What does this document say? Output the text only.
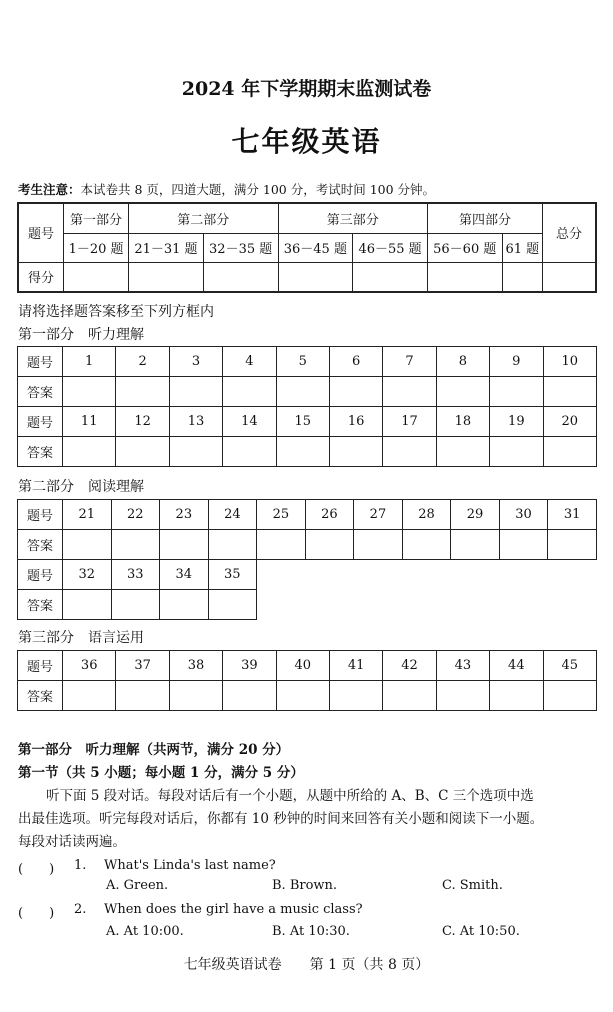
2024 年下学期期末监测试卷
七年级英语
考生注意：本试卷共 8 页，四道大题，满分 100 分，考试时间 100 分钟。
题号	第一部分	第二部分		第三部分		第四部分		总分
	1－20 题	21－31 题	32－35 题	36－45 题	46－55 题	56－60 题	61 题	
得分								
请将选择题答案移至下列方框内
第一部分　听力理解
题号	1	2	3	4	5	6	7	8	9	10
答案										
题号	11	12	13	14	15	16	17	18	19	20
答案										
第二部分　阅读理解
题号	21	22	23	24	25	26	27	28	29	30	31
答案											
题号	32	33	34	35
答案				
第三部分　语言运用
题号	36	37	38	39	40	41	42	43	44	45
答案										
第一部分　听力理解（共两节，满分 20 分）
第一节（共 5 小题；每小题 1 分，满分 5 分）
听下面 5 段对话。每段对话后有一个小题，从题中所给的 A、B、C 三个选项中选
出最佳选项。听完每段对话后，你都有 10 秒钟的时间来回答有关小题和阅读下一小题。
每段对话读两遍。
(　　) 1. What's Linda's last name?
A. Green.	B. Brown.	C. Smith.
(　　) 2. When does the girl have a music class?
A. At 10:00.	B. At 10:30.	C. At 10:50.
七年级英语试卷　　第 1 页（共 8 页）
